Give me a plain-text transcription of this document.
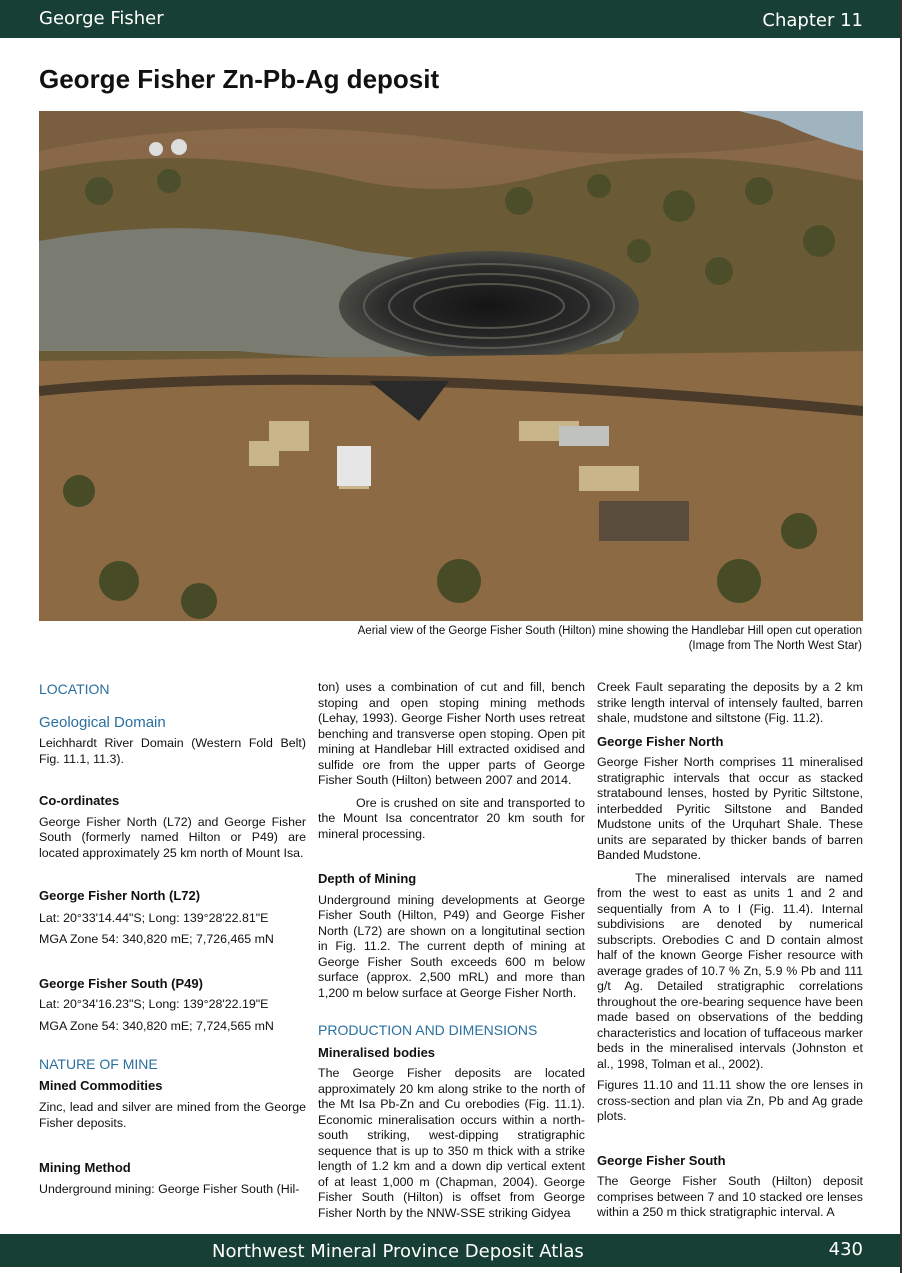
George Fisher	Chapter 11
George Fisher Zn-Pb-Ag deposit
Aerial view of the George Fisher South (Hilton) mine showing the Handlebar Hill open cut operation
(Image from The North West Star)

LOCATION

Geological Domain

Leichhardt River Domain (Western Fold Belt) Fig. 11.1, 11.3).

Co-ordinates

George Fisher North (L72) and George Fisher South (formerly named Hilton or P49) are located approximately 25 km north of Mount Isa.

George Fisher North (L72)

Lat: 20°33'14.44"S; Long: 139°28'22.81"E

MGA Zone 54: 340,820 mE; 7,726,465 mN

George Fisher South (P49)

Lat: 20°34'16.23"S; Long: 139°28'22.19"E

MGA Zone 54: 340,820 mE; 7,724,565 mN

NATURE OF MINE

Mined Commodities

Zinc, lead and silver are mined from the George Fisher deposits.

Mining Method

Underground mining: George Fisher South (Hil-

ton) uses a combination of cut and fill, bench stoping and open stoping mining methods (Lehay, 1993). George Fisher North uses retreat benching and transverse open stoping. Open pit mining at Handlebar Hill extracted oxidised and sulfide ore from the upper parts of George Fisher South (Hilton) between 2007 and 2014.

Ore is crushed on site and transported to the Mount Isa concentrator 20 km south for mineral processing.

Depth of Mining

Underground mining developments at George Fisher South (Hilton, P49) and George Fisher North (L72) are shown on a longitutinal section in Fig. 11.2. The current depth of mining at George Fisher South exceeds 600 m below surface (approx. 2,500 mRL) and more than 1,200 m below surface at George Fisher North.

PRODUCTION AND DIMENSIONS

Mineralised bodies

The George Fisher deposits are located approximately 20 km along strike to the north of the Mt Isa Pb-Zn and Cu orebodies (Fig. 11.1). Economic mineralisation occurs within a north-south striking, west-dipping stratigraphic sequence that is up to 350 m thick with a strike length of 1.2 km and a down dip vertical extent of at least 1,000 m (Chapman, 2004). George Fisher South (Hilton) is offset from George Fisher North by the NNW-SSE striking Gidyea

Creek Fault separating the deposits by a 2 km strike length interval of intensely faulted, barren shale, mudstone and siltstone (Fig. 11.2).

George Fisher North

George Fisher North comprises 11 mineralised stratigraphic intervals that occur as stacked stratabound lenses, hosted by Pyritic Siltstone, interbedded Pyritic Siltstone and Banded Mudstone units of the Urquhart Shale. These units are separated by thicker bands of barren Banded Mudstone.

The mineralised intervals are named from the west to east as units 1 and 2 and sequentially from A to I (Fig. 11.4). Internal subdivisions are denoted by numerical subscripts. Orebodies C and D contain almost half of the known George Fisher resource with average grades of 10.7 % Zn, 5.9 % Pb and 111 g/t Ag. Detailed stratigraphic correlations throughout the ore-bearing sequence have been made based on observations of the bedding characteristics and location of tuffaceous marker beds in the mineralised intervals (Johnston et al., 1998, Tolman et al., 2002).

Figures 11.10 and 11.11 show the ore lenses in cross-section and plan via Zn, Pb and Ag grade plots.

George Fisher South

The George Fisher South (Hilton) deposit comprises between 7 and 10 stacked ore lenses within a 250 m thick stratigraphic interval. A

Northwest Mineral Province Deposit Atlas	430
